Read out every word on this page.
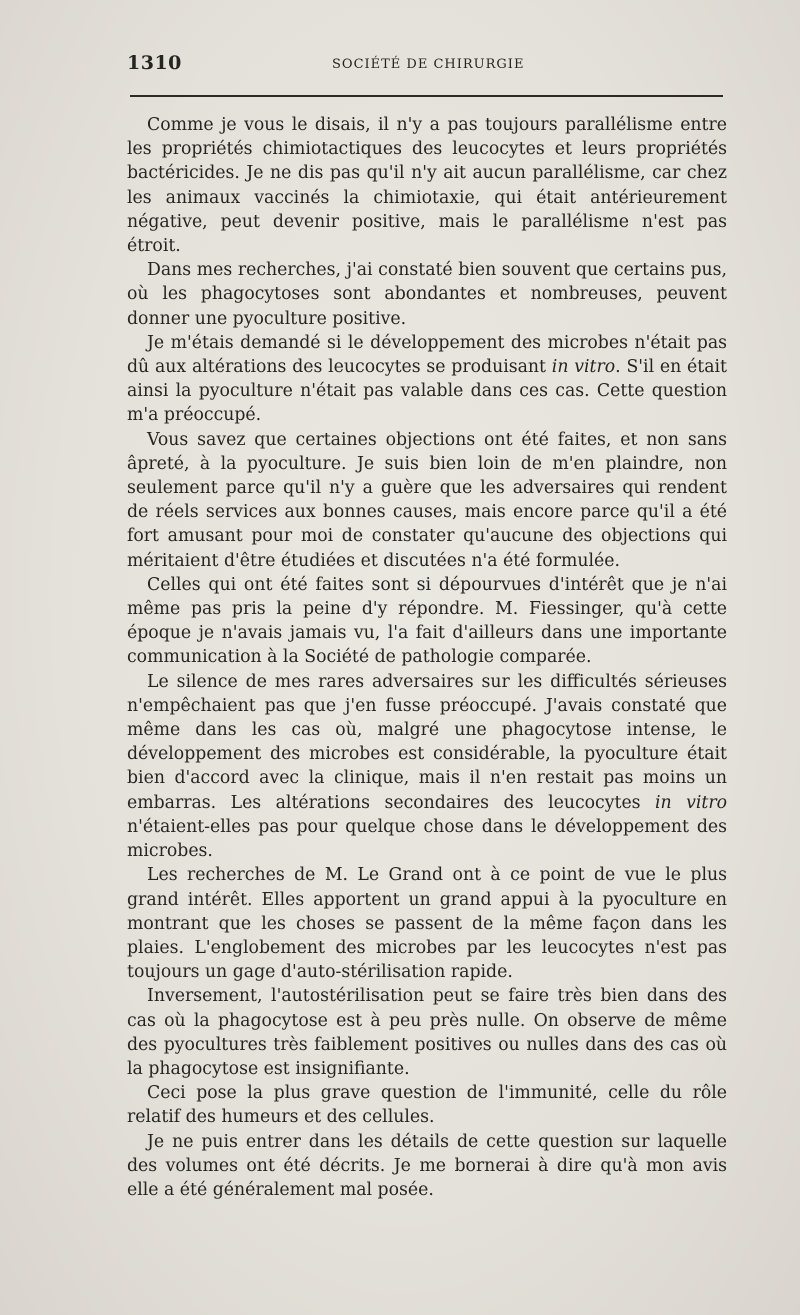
1310	SOCIÉTÉ DE CHIRURGIE

Comme je vous le disais, il n'y a pas toujours parallélisme entre les propriétés chimiotactiques des leucocytes et leurs propriétés bactéricides. Je ne dis pas qu'il n'y ait aucun parallélisme, car chez les animaux vaccinés la chimiotaxie, qui était antérieurement négative, peut devenir positive, mais le parallélisme n'est pas étroit.

Dans mes recherches, j'ai constaté bien souvent que certains pus, où les phagocytoses sont abondantes et nombreuses, peuvent donner une pyoculture positive.

Je m'étais demandé si le développement des microbes n'était pas dû aux altérations des leucocytes se produisant in vitro. S'il en était ainsi la pyoculture n'était pas valable dans ces cas. Cette question m'a préoccupé.

Vous savez que certaines objections ont été faites, et non sans âpreté, à la pyoculture. Je suis bien loin de m'en plaindre, non seulement parce qu'il n'y a guère que les adversaires qui rendent de réels services aux bonnes causes, mais encore parce qu'il a été fort amusant pour moi de constater qu'aucune des objections qui méritaient d'être étudiées et discutées n'a été formulée.

Celles qui ont été faites sont si dépourvues d'intérêt que je n'ai même pas pris la peine d'y répondre. M. Fiessinger, qu'à cette époque je n'avais jamais vu, l'a fait d'ailleurs dans une importante communication à la Société de pathologie comparée.

Le silence de mes rares adversaires sur les difficultés sérieuses n'empêchaient pas que j'en fusse préoccupé. J'avais constaté que même dans les cas où, malgré une phagocytose intense, le développement des microbes est considérable, la pyoculture était bien d'accord avec la clinique, mais il n'en restait pas moins un embarras. Les altérations secondaires des leucocytes in vitro n'étaient-elles pas pour quelque chose dans le développement des microbes.

Les recherches de M. Le Grand ont à ce point de vue le plus grand intérêt. Elles apportent un grand appui à la pyoculture en montrant que les choses se passent de la même façon dans les plaies. L'englobement des microbes par les leucocytes n'est pas toujours un gage d'auto-stérilisation rapide.

Inversement, l'autostérilisation peut se faire très bien dans des cas où la phagocytose est à peu près nulle. On observe de même des pyocultures très faiblement positives ou nulles dans des cas où la phagocytose est insignifiante.

Ceci pose la plus grave question de l'immunité, celle du rôle relatif des humeurs et des cellules.

Je ne puis entrer dans les détails de cette question sur laquelle des volumes ont été décrits. Je me bornerai à dire qu'à mon avis elle a été généralement mal posée.
